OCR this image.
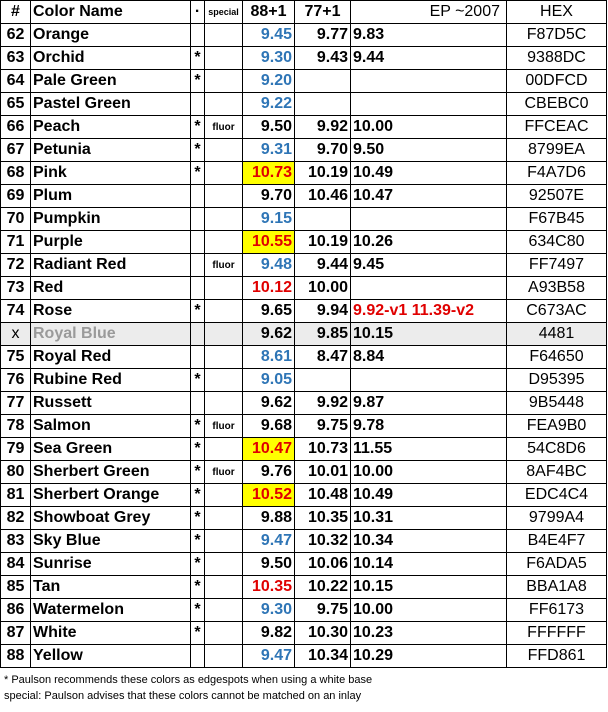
#	Color Name	·	special	88+1	77+1	EP ~2007	HEX
62	Orange			9.45	9.77	9.83	F87D5C
63	Orchid	*		9.30	9.43	9.44	9388DC
64	Pale Green	*		9.20			00DFCD
65	Pastel Green			9.22			CBEBC0
66	Peach	*	fluor	9.50	9.92	10.00	FFCEAC
67	Petunia	*		9.31	9.70	9.50	8799EA
68	Pink	*		10.73	10.19	10.49	F4A7D6
69	Plum			9.70	10.46	10.47	92507E
70	Pumpkin			9.15			F67B45
71	Purple			10.55	10.19	10.26	634C80
72	Radiant Red		fluor	9.48	9.44	9.45	FF7497
73	Red			10.12	10.00		A93B58
74	Rose	*		9.65	9.94	9.92-v1 11.39-v2	C673AC
x	Royal Blue			9.62	9.85	10.15	4481
75	Royal Red			8.61	8.47	8.84	F64650
76	Rubine Red	*		9.05			D95395
77	Russett			9.62	9.92	9.87	9B5448
78	Salmon	*	fluor	9.68	9.75	9.78	FEA9B0
79	Sea Green	*		10.47	10.73	11.55	54C8D6
80	Sherbert Green	*	fluor	9.76	10.01	10.00	8AF4BC
81	Sherbert Orange	*		10.52	10.48	10.49	EDC4C4
82	Showboat Grey	*		9.88	10.35	10.31	9799A4
83	Sky Blue	*		9.47	10.32	10.34	B4E4F7
84	Sunrise	*		9.50	10.06	10.14	F6ADA5
85	Tan	*		10.35	10.22	10.15	BBA1A8
86	Watermelon	*		9.30	9.75	10.00	FF6173
87	White	*		9.82	10.30	10.23	FFFFFF
88	Yellow			9.47	10.34	10.29	FFD861
* Paulson recommends these colors as edgespots when using a white base
special: Paulson advises that these colors cannot be matched on an inlay
